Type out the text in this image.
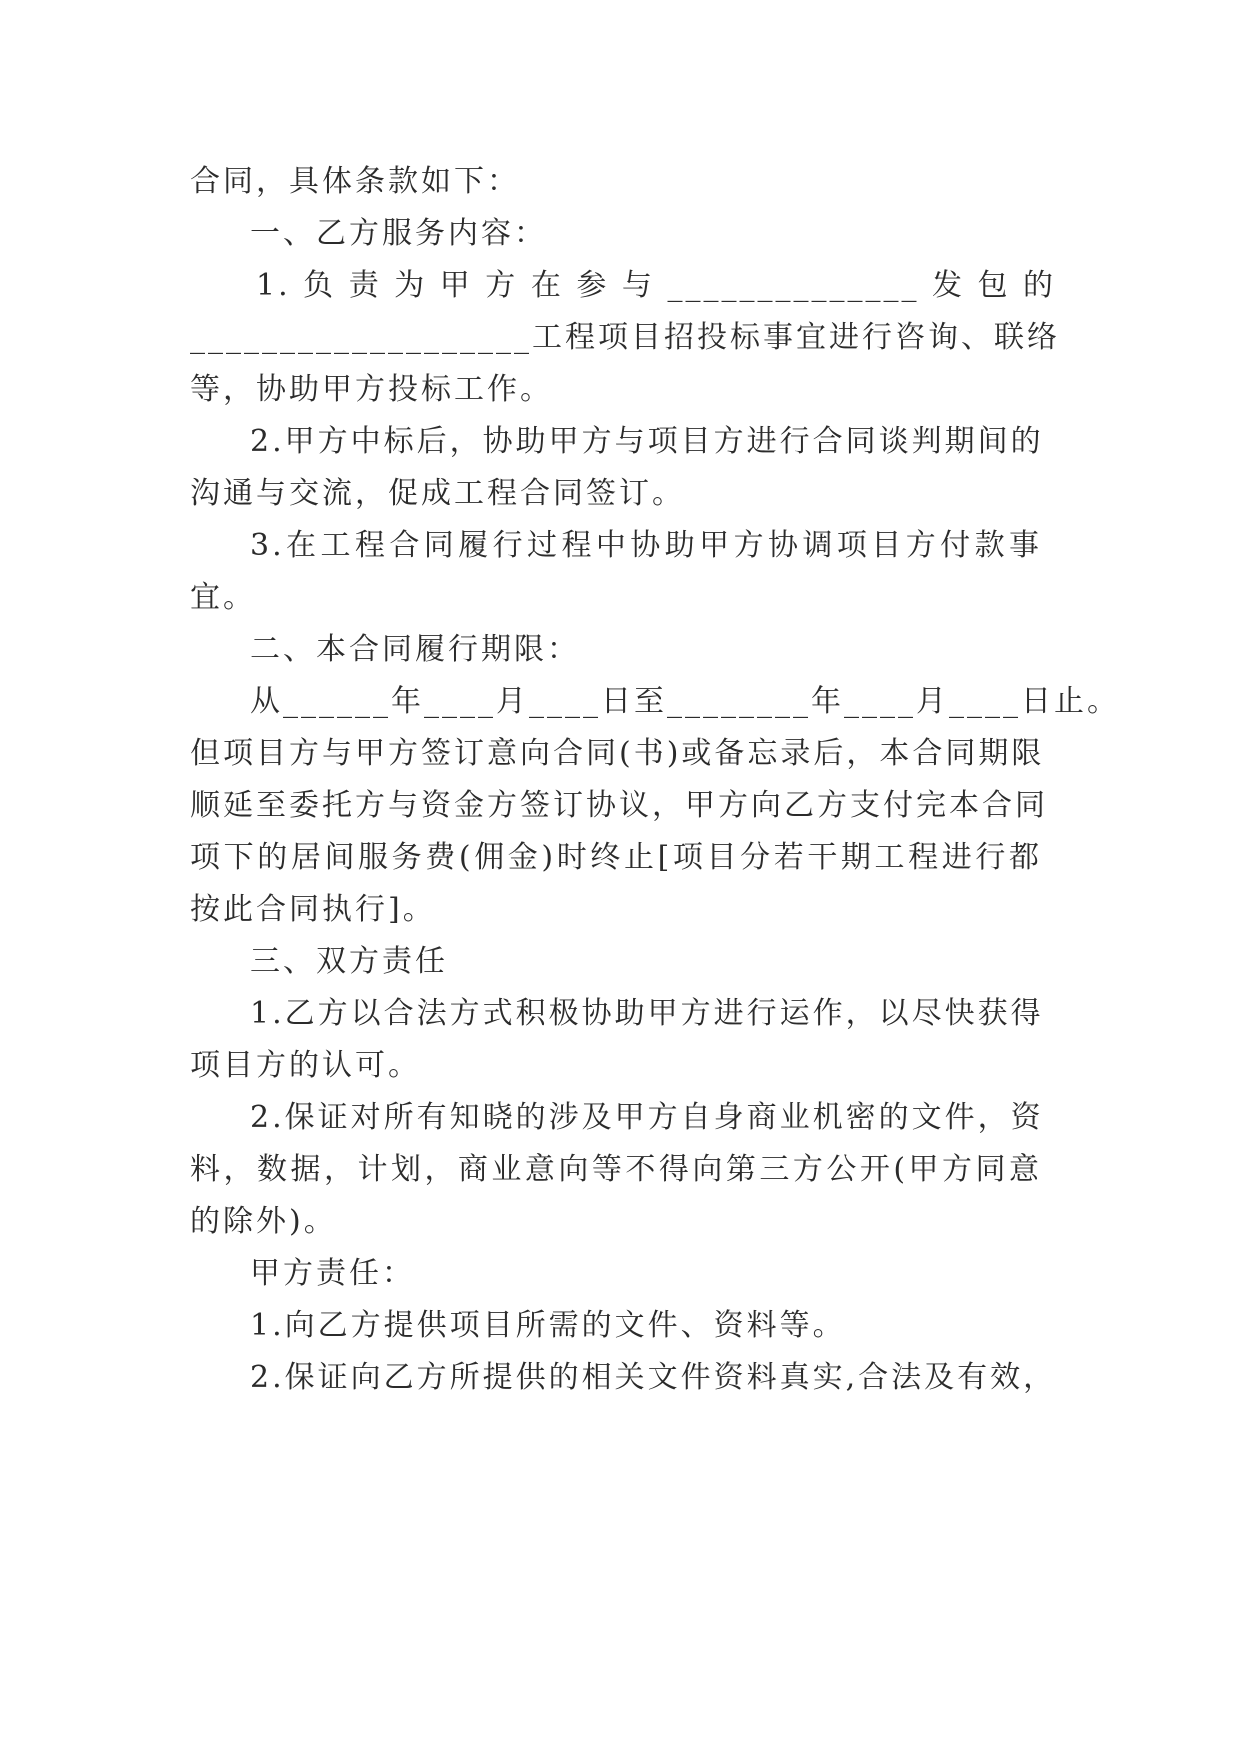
合同，具体条款如下：
一、乙方服务内容：
1. 负 责 为 甲 方 在 参 与 ______________ 发 包 的
___________________工程项目招投标事宜进行咨询、联络
等，协助甲方投标工作。
2.甲方中标后，协助甲方与项目方进行合同谈判期间的
沟通与交流，促成工程合同签订。
3.在工程合同履行过程中协助甲方协调项目方付款事
宜。
二、本合同履行期限：
从______年____月____日至________年____月____日止。
但项目方与甲方签订意向合同(书)或备忘录后，本合同期限
顺延至委托方与资金方签订协议，甲方向乙方支付完本合同
项下的居间服务费(佣金)时终止[项目分若干期工程进行都
按此合同执行]。
三、双方责任
1.乙方以合法方式积极协助甲方进行运作，以尽快获得
项目方的认可。
2.保证对所有知晓的涉及甲方自身商业机密的文件，资
料，数据，计划，商业意向等不得向第三方公开(甲方同意
的除外)。
甲方责任：
1.向乙方提供项目所需的文件、资料等。
2.保证向乙方所提供的相关文件资料真实,合法及有效，
